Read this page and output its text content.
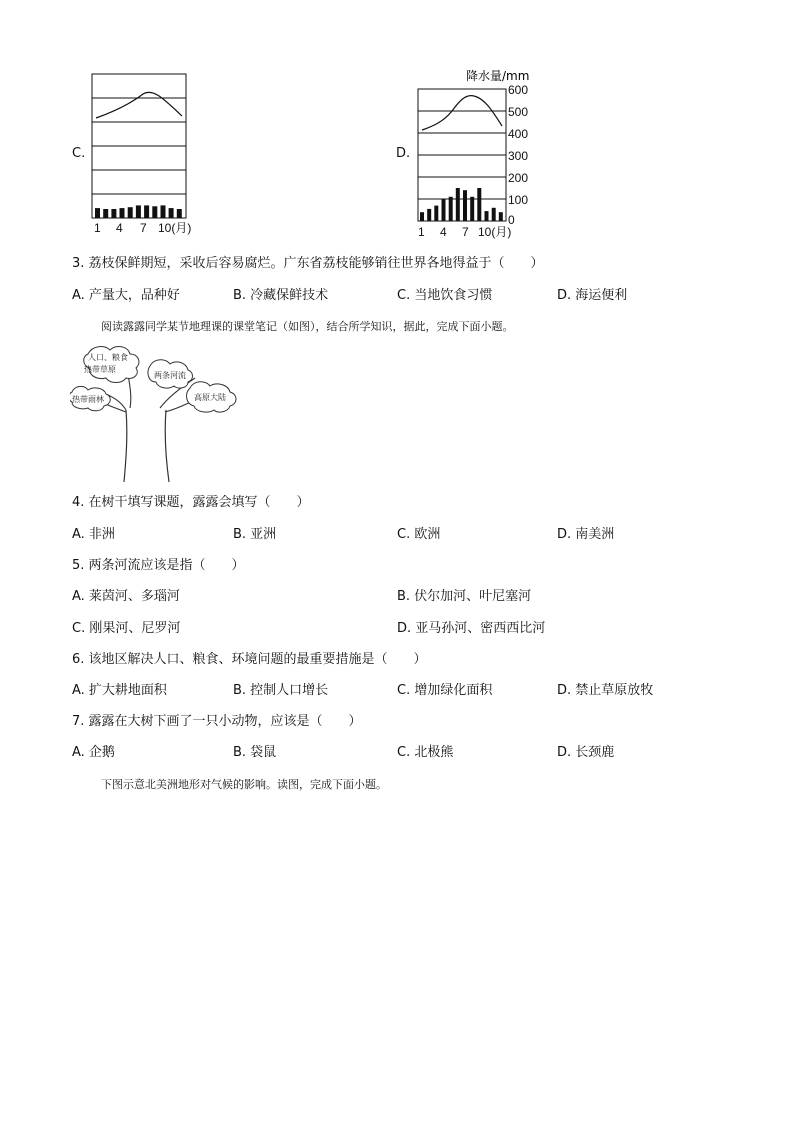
C.
1 4 7 10(月)
D.
降水量/mm
600
500
400
300
200
100
0
1 4 7 10(月)
3. 荔枝保鲜期短，采收后容易腐烂。广东省荔枝能够销往世界各地得益于（　　）
A. 产量大，品种好	B. 冷藏保鲜技术	C. 当地饮食习惯	D. 海运便利
阅读露露同学某节地理课的课堂笔记（如图），结合所学知识，据此，完成下面小题。
人口、粮食
热带草原
两条河流
高原大陆
热带雨林
4. 在树干填写课题，露露会填写（　　）
A. 非洲	B. 亚洲	C. 欧洲	D. 南美洲
5. 两条河流应该是指（　　）
A. 莱茵河、多瑙河	B. 伏尔加河、叶尼塞河
C. 刚果河、尼罗河	D. 亚马孙河、密西西比河
6. 该地区解决人口、粮食、环境问题的最重要措施是（　　）
A. 扩大耕地面积	B. 控制人口增长	C. 增加绿化面积	D. 禁止草原放牧
7. 露露在大树下画了一只小动物，应该是（　　）
A. 企鹅	B. 袋鼠	C. 北极熊	D. 长颈鹿
下图示意北美洲地形对气候的影响。读图，完成下面小题。
